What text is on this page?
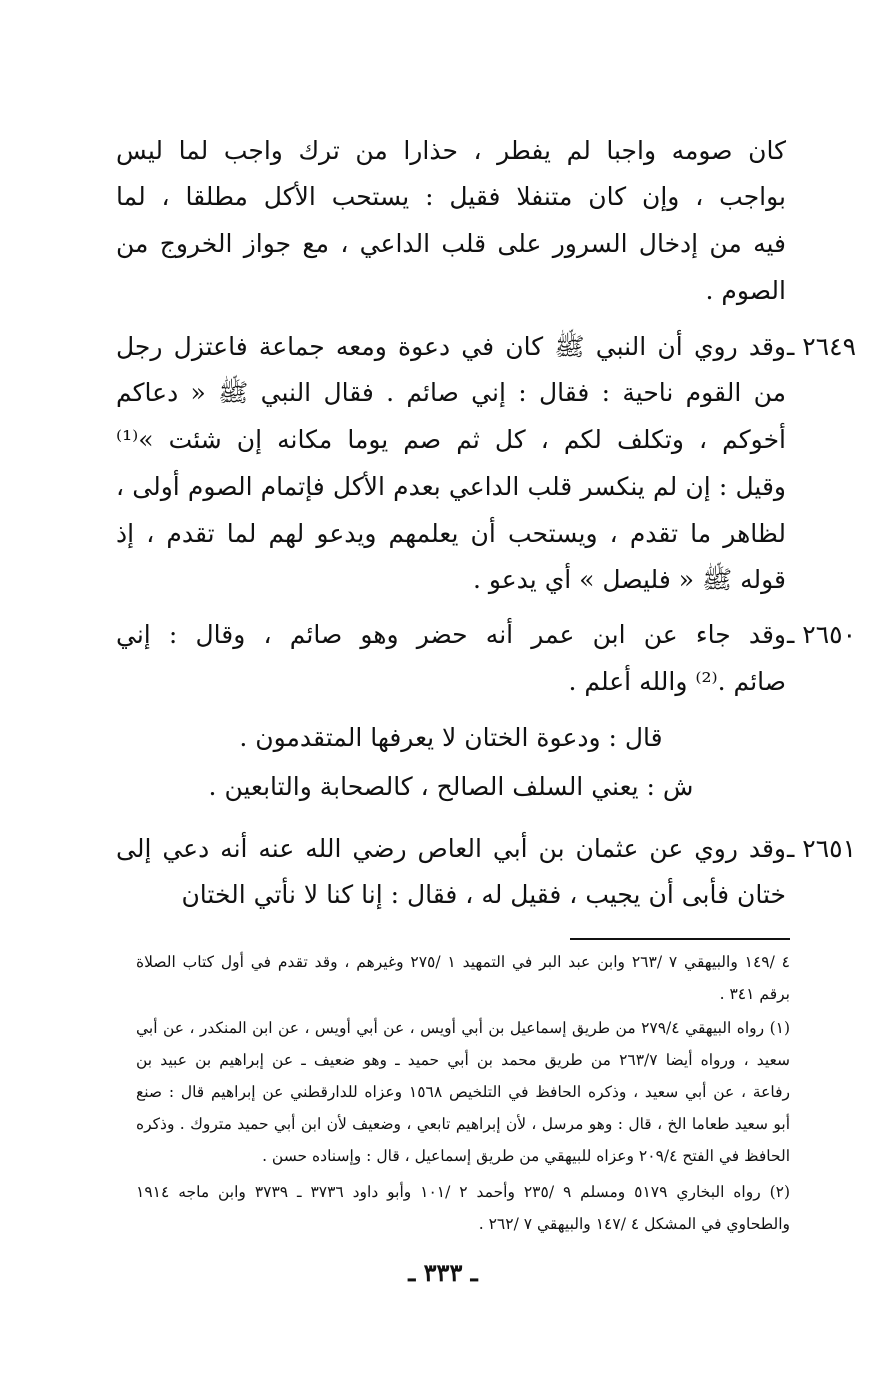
كان صومه واجبا لم يفطر ، حذارا من ترك واجب لما ليس
بواجب ، وإن كان متنفلا فقيل : يستحب الأكل مطلقا ، لما
فيه من إدخال السرور على قلب الداعي ، مع جواز الخروج من
الصوم .
٢٦٤٩ ـ
وقد روي أن النبي ﷺ كان في دعوة ومعه جماعة فاعتزل رجل
من القوم ناحية : فقال : إني صائم . فقال النبي ﷺ « دعاكم
أخوكم ، وتكلف لكم ، كل ثم صم يوما مكانه إن شئت »⁽¹⁾
وقيل : إن لم ينكسر قلب الداعي بعدم الأكل فإتمام الصوم أولى ،
لظاهر ما تقدم ، ويستحب أن يعلمهم ويدعو لهم لما تقدم ، إذ
قوله ﷺ « فليصل » أي يدعو .
٢٦٥٠ ـ
وقد جاء عن ابن عمر أنه حضر وهو صائم ، وقال : إني
صائم .⁽²⁾ والله أعلم .
قال : ودعوة الختان لا يعرفها المتقدمون .
ش : يعني السلف الصالح ، كالصحابة والتابعين .
٢٦٥١ ـ
وقد روي عن عثمان بن أبي العاص رضي الله عنه أنه دعي إلى
ختان فأبى أن يجيب ، فقيل له ، فقال : إنا كنا لا نأتي الختان
٤ /١٤٩ والبيهقي ٧ /٢٦٣ وابن عبد البر في التمهيد ١ /٢٧٥ وغيرهم ، وقد تقدم في أول كتاب الصلاة
برقم ٣٤١ .
(١) رواه البيهقي ٢٧٩/٤ من طريق إسماعيل بن أبي أويس ، عن أبي أويس ، عن ابن المنكدر ، عن أبي
سعيد ، ورواه أيضا ٢٦٣/٧ من طريق محمد بن أبي حميد ـ وهو ضعيف ـ عن إبراهيم بن عبيد بن
رفاعة ، عن أبي سعيد ، وذكره الحافظ في التلخيص ١٥٦٨ وعزاه للدارقطني عن إبراهيم قال : صنع
أبو سعيد طعاما الخ ، قال : وهو مرسل ، لأن إبراهيم تابعي ، وضعيف لأن ابن أبي حميد متروك . وذكره
الحافظ في الفتح ٢٠٩/٤ وعزاه للبيهقي من طريق إسماعيل ، قال : وإسناده حسن .
(٢) رواه البخاري ٥١٧٩ ومسلم ٩ /٢٣٥ وأحمد ٢ /١٠١ وأبو داود ٣٧٣٦ ـ ٣٧٣٩ وابن ماجه ١٩١٤
والطحاوي في المشكل ٤ /١٤٧ والبيهقي ٧ /٢٦٢ .
ـ ٣٣٣ ـ
